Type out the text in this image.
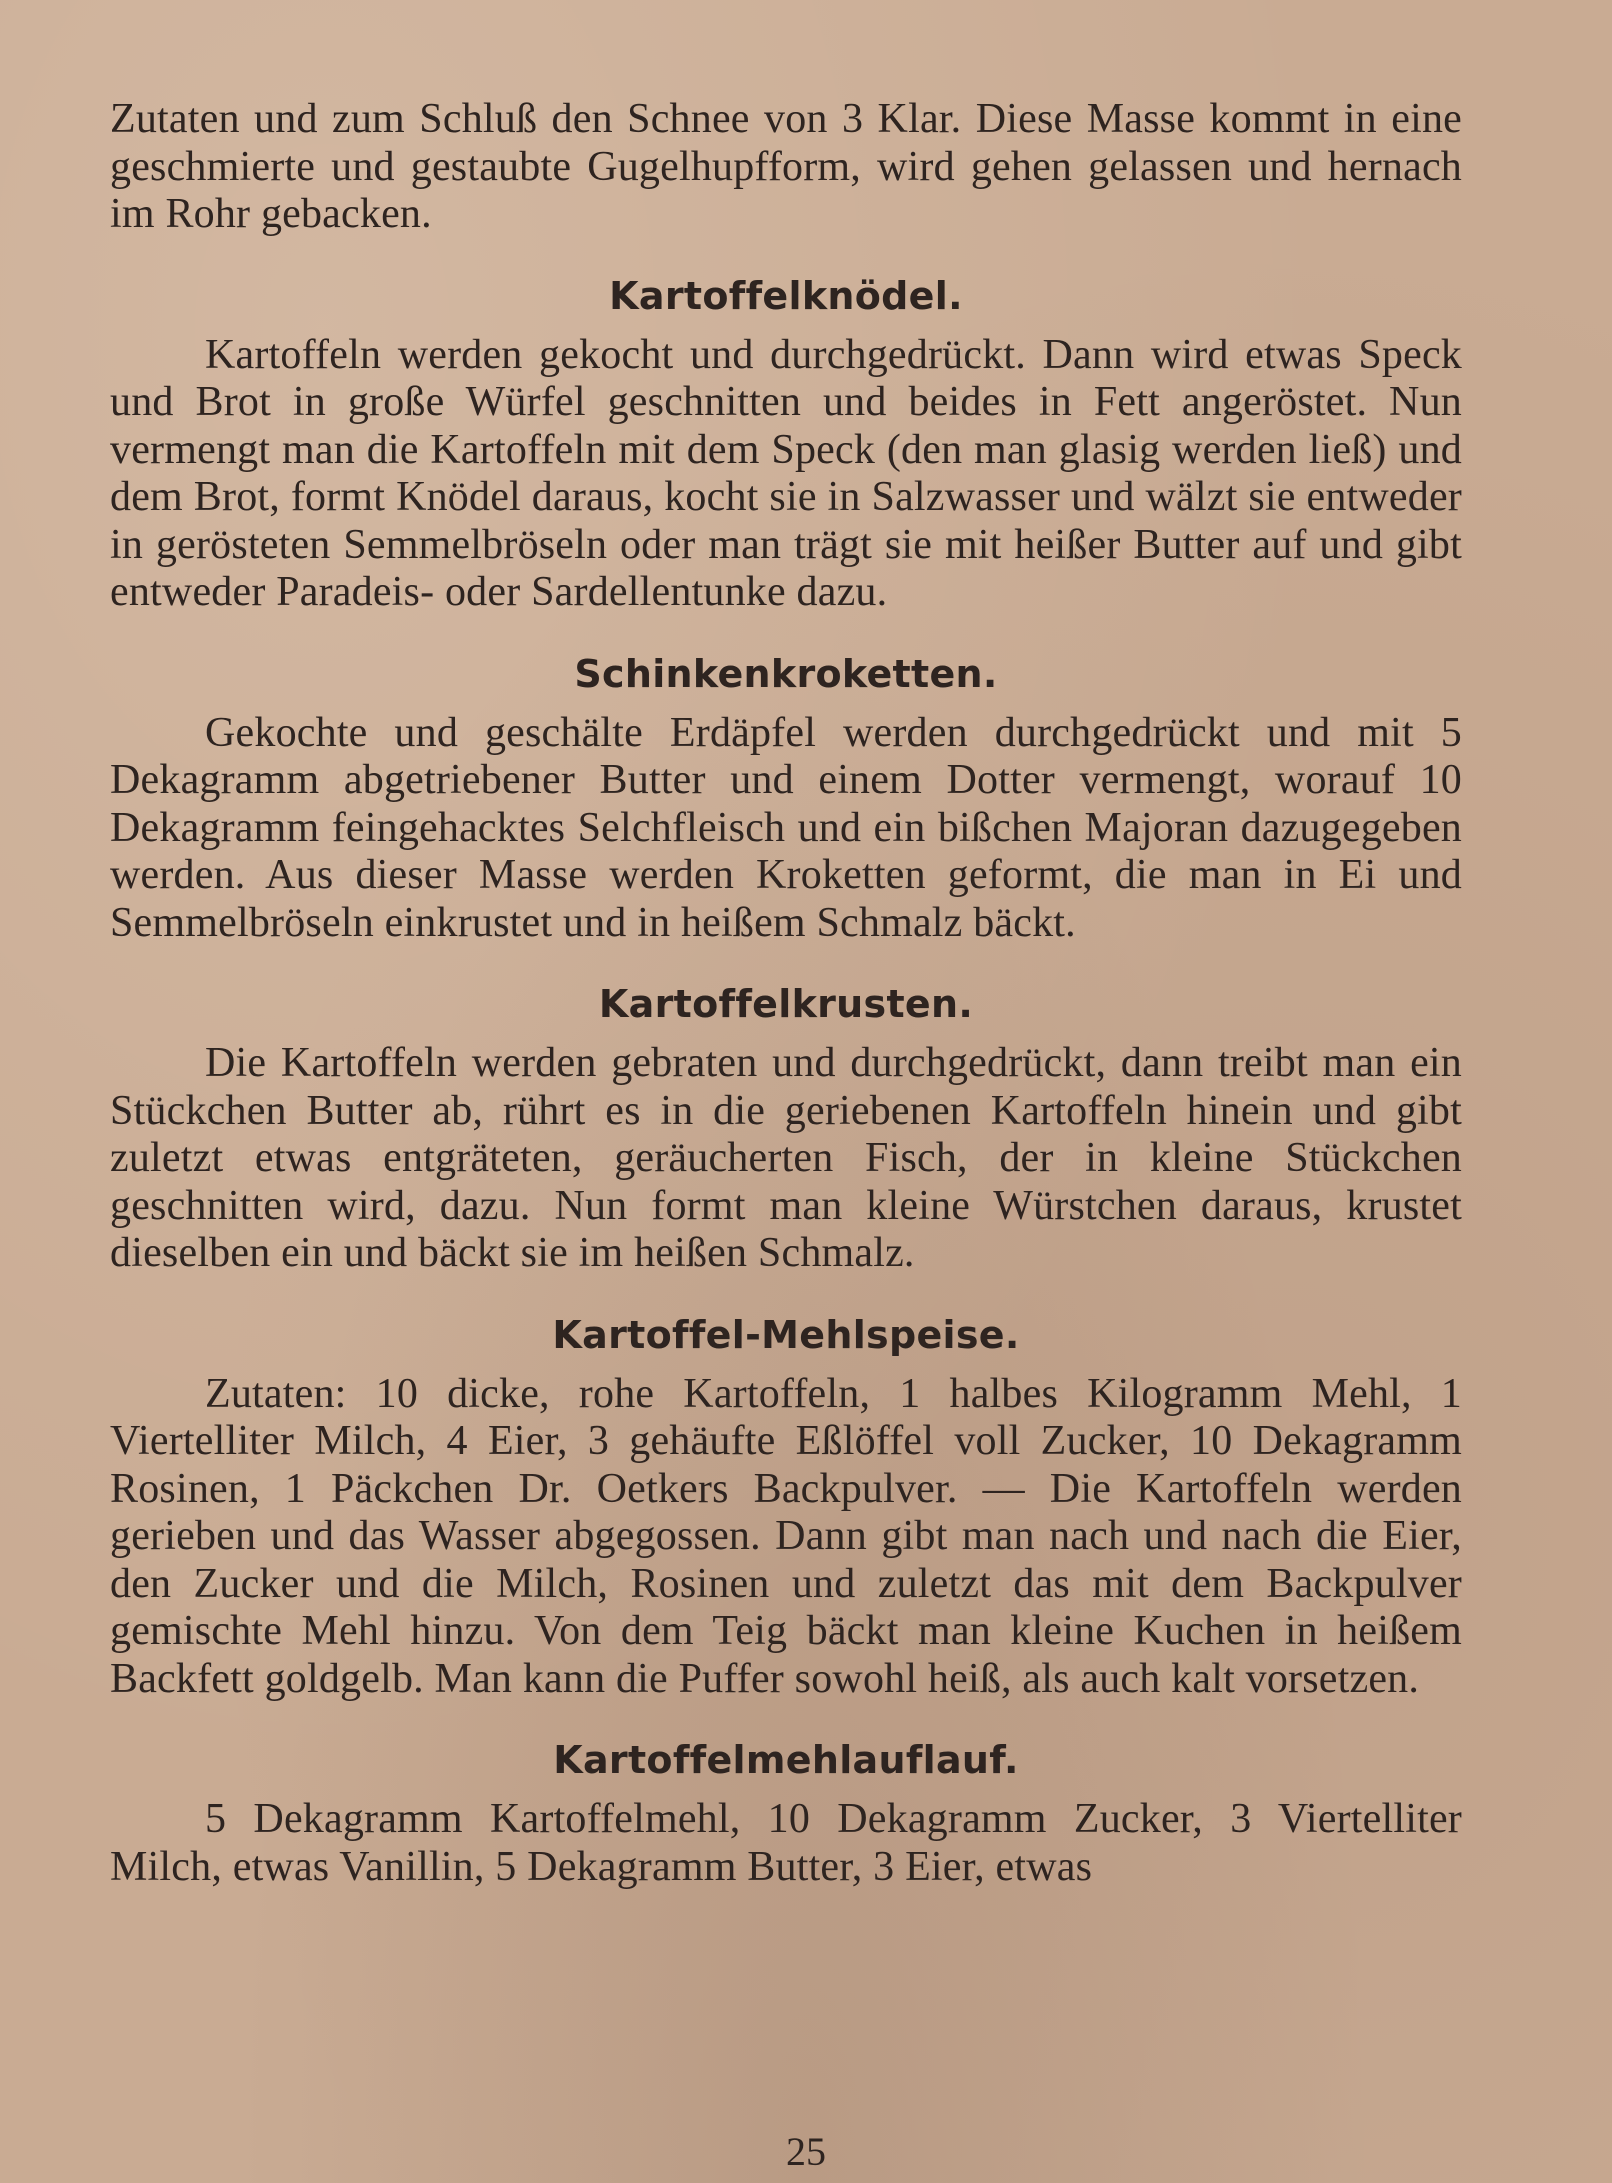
Zutaten und zum Schluß den Schnee von 3 Klar. Diese Masse kommt in eine geschmierte und gestaubte Gugelhupfform, wird gehen gelassen und hernach im Rohr gebacken.

Kartoffelknödel.

Kartoffeln werden gekocht und durchgedrückt. Dann wird etwas Speck und Brot in große Würfel geschnitten und beides in Fett angeröstet. Nun vermengt man die Kartoffeln mit dem Speck (den man glasig werden ließ) und dem Brot, formt Knödel daraus, kocht sie in Salzwasser und wälzt sie entweder in gerösteten Semmelbröseln oder man trägt sie mit heißer Butter auf und gibt entweder Paradeis- oder Sardellentunke dazu.

Schinkenkroketten.

Gekochte und geschälte Erdäpfel werden durchgedrückt und mit 5 Dekagramm abgetriebener Butter und einem Dotter vermengt, worauf 10 Dekagramm feingehacktes Selchfleisch und ein bißchen Majoran dazugegeben werden. Aus dieser Masse werden Kroketten geformt, die man in Ei und Semmelbröseln einkrustet und in heißem Schmalz bäckt.

Kartoffelkrusten.

Die Kartoffeln werden gebraten und durchgedrückt, dann treibt man ein Stückchen Butter ab, rührt es in die geriebenen Kartoffeln hinein und gibt zuletzt etwas entgräteten, geräucherten Fisch, der in kleine Stückchen geschnitten wird, dazu. Nun formt man kleine Würstchen daraus, krustet dieselben ein und bäckt sie im heißen Schmalz.

Kartoffel-Mehlspeise.

Zutaten: 10 dicke, rohe Kartoffeln, 1 halbes Kilogramm Mehl, 1 Viertelliter Milch, 4 Eier, 3 gehäufte Eßlöffel voll Zucker, 10 Dekagramm Rosinen, 1 Päckchen Dr. Oetkers Backpulver. — Die Kartoffeln werden gerieben und das Wasser abgegossen. Dann gibt man nach und nach die Eier, den Zucker und die Milch, Rosinen und zuletzt das mit dem Backpulver gemischte Mehl hinzu. Von dem Teig bäckt man kleine Kuchen in heißem Backfett goldgelb. Man kann die Puffer sowohl heiß, als auch kalt vorsetzen.

Kartoffelmehlauflauf.

5 Dekagramm Kartoffelmehl, 10 Dekagramm Zucker, 3 Viertelliter Milch, etwas Vanillin, 5 Dekagramm Butter, 3 Eier, etwas

25
